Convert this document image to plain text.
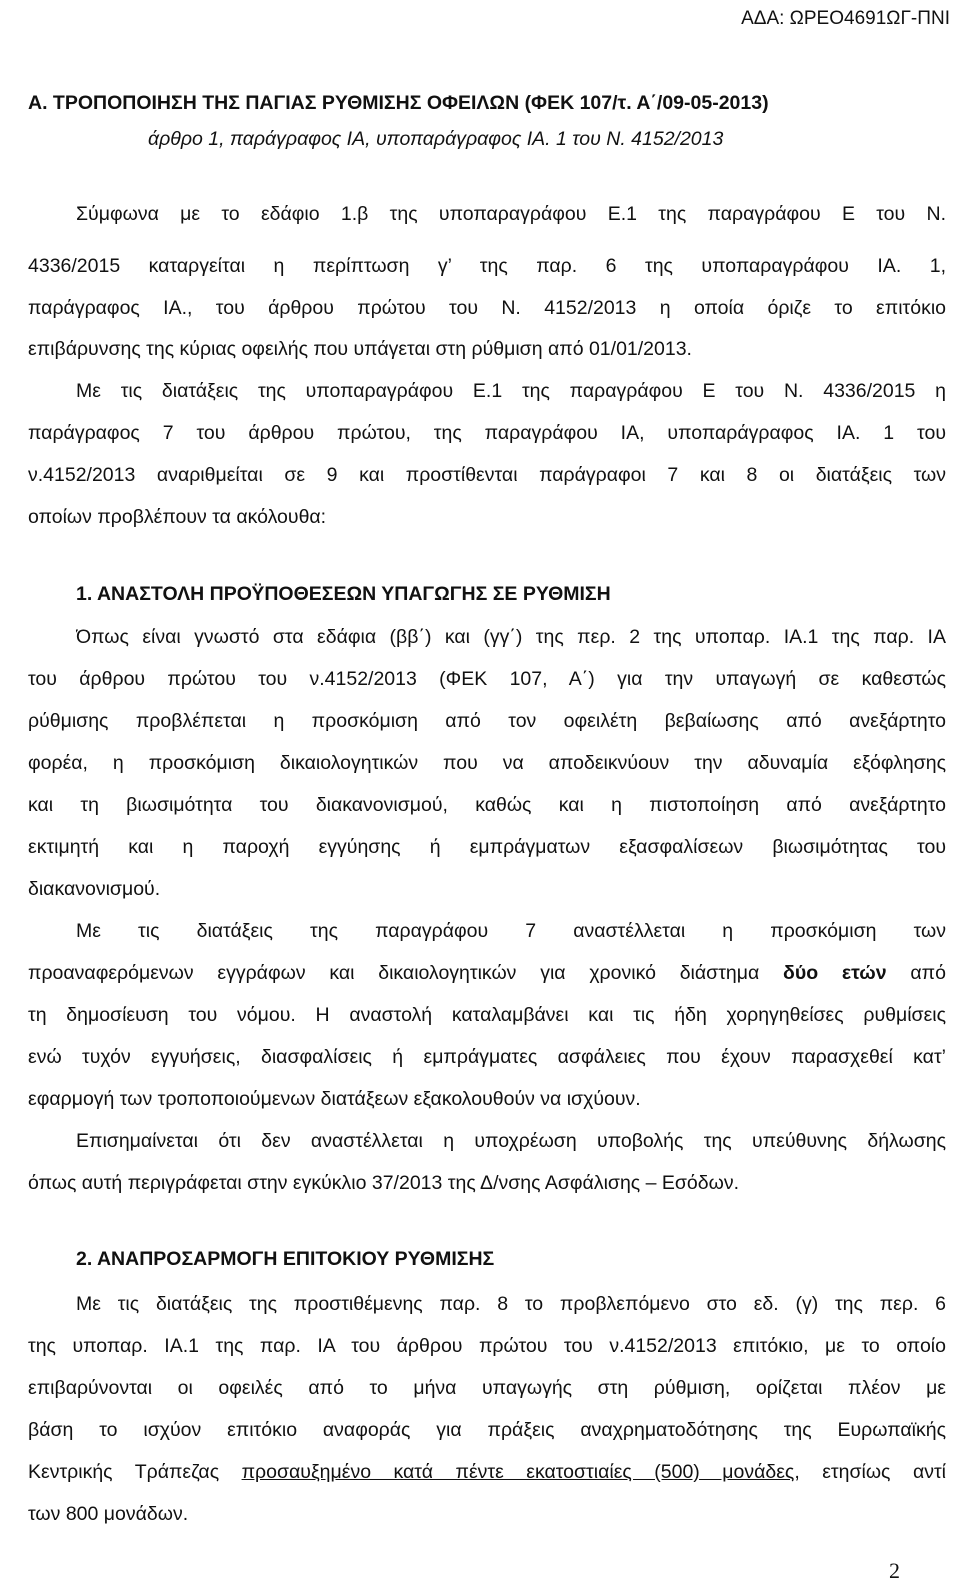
ΑΔΑ: ΩΡΕΟ4691ΩΓ-ΠΝΙ
Α. ΤΡΟΠΟΠΟΙΗΣΗ ΤΗΣ ΠΑΓΙΑΣ ΡΥΘΜΙΣΗΣ ΟΦΕΙΛΩΝ (ΦΕΚ 107/τ. Α΄/09-05-2013)
άρθρο 1, παράγραφος ΙΑ, υποπαράγραφος ΙΑ. 1 του Ν. 4152/2013
Σύμφωνα με το εδάφιο 1.β της υποπαραγράφου Ε.1 της παραγράφου Ε του Ν.
4336/2015 καταργείται η περίπτωση γ’ της παρ. 6 της υποπαραγράφου ΙΑ. 1,
παράγραφος ΙΑ., του άρθρου πρώτου του Ν. 4152/2013 η οποία όριζε το επιτόκιο
επιβάρυνσης της κύριας οφειλής που υπάγεται στη ρύθμιση από 01/01/2013.
Με τις διατάξεις της υποπαραγράφου Ε.1 της παραγράφου Ε του Ν. 4336/2015 η
παράγραφος 7 του άρθρου πρώτου, της παραγράφου ΙΑ, υποπαράγραφος ΙΑ. 1 του
ν.4152/2013 αναριθμείται σε 9 και προστίθενται παράγραφοι 7 και 8 οι διατάξεις των
οποίων προβλέπουν τα ακόλουθα:
1. ΑΝΑΣΤΟΛΗ ΠΡΟΫΠΟΘΕΣΕΩΝ ΥΠΑΓΩΓΗΣ ΣΕ ΡΥΘΜΙΣΗ
Όπως είναι γνωστό στα εδάφια (ββ΄) και (γγ΄) της περ. 2 της υποπαρ. ΙΑ.1 της παρ. ΙΑ
του άρθρου πρώτου του ν.4152/2013 (ΦΕΚ 107, Α΄) για την υπαγωγή σε καθεστώς
ρύθμισης προβλέπεται η προσκόμιση από τον οφειλέτη βεβαίωσης από ανεξάρτητο
φορέα, η προσκόμιση δικαιολογητικών που να αποδεικνύουν την αδυναμία εξόφλησης
και τη βιωσιμότητα του διακανονισμού, καθώς και η πιστοποίηση από ανεξάρτητο
εκτιμητή και η παροχή εγγύησης ή εμπράγματων εξασφαλίσεων βιωσιμότητας του
διακανονισμού.
Με τις διατάξεις της παραγράφου 7 αναστέλλεται η προσκόμιση των
προαναφερόμενων εγγράφων και δικαιολογητικών για χρονικό διάστημα δύο ετών από
τη δημοσίευση του νόμου. Η αναστολή καταλαμβάνει και τις ήδη χορηγηθείσες ρυθμίσεις
ενώ τυχόν εγγυήσεις, διασφαλίσεις ή εμπράγματες ασφάλειες που έχουν παρασχεθεί κατ’
εφαρμογή των τροποποιούμενων διατάξεων εξακολουθούν να ισχύουν.
Επισημαίνεται ότι δεν αναστέλλεται η υποχρέωση υποβολής της υπεύθυνης δήλωσης
όπως αυτή περιγράφεται στην εγκύκλιο 37/2013 της Δ/νσης Ασφάλισης – Εσόδων.
2. ΑΝΑΠΡΟΣΑΡΜΟΓΗ ΕΠΙΤΟΚΙΟΥ ΡΥΘΜΙΣΗΣ
Με τις διατάξεις της προστιθέμενης παρ. 8 το προβλεπόμενο στο εδ. (γ) της περ. 6
της υποπαρ. ΙΑ.1 της παρ. ΙΑ του άρθρου πρώτου του ν.4152/2013 επιτόκιο, με το οποίο
επιβαρύνονται οι οφειλές από το μήνα υπαγωγής στη ρύθμιση, ορίζεται πλέον με
βάση το ισχύον επιτόκιο αναφοράς για πράξεις αναχρηματοδότησης της Ευρωπαϊκής
Κεντρικής Τράπεζας προσαυξημένο κατά πέντε εκατοστιαίες (500) μονάδες, ετησίως αντί
των 800 μονάδων.
2
